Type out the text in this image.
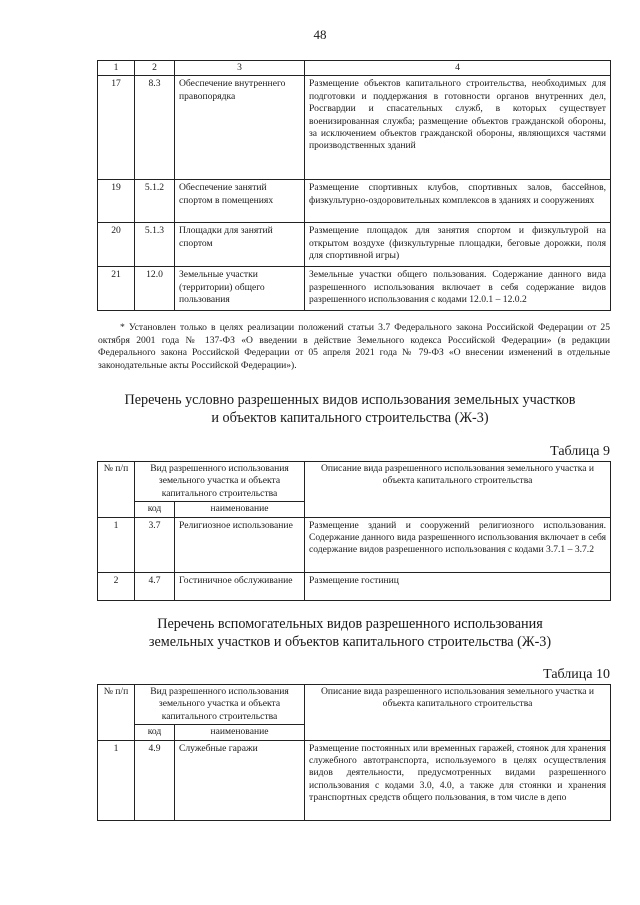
48
1	2	3	4
17	8.3	Обеспечение внутреннего правопорядка	Размещение объектов капитального строительства, необходимых для подготовки и поддержания в готовности органов внутренних дел, Росгвардии и спасательных служб, в которых существует военизированная служба; размещение объектов гражданской обороны, за исключением объектов гражданской обороны, являющихся частями производственных зданий
19	5.1.2	Обеспечение занятий спортом в помещениях	Размещение спортивных клубов, спортивных залов, бассейнов, физкультурно-оздоровительных комплексов в зданиях и сооружениях
20	5.1.3	Площадки для занятий спортом	Размещение площадок для занятия спортом и физкультурой на открытом воздухе (физкультурные площадки, беговые дорожки, поля для спортивной игры)
21	12.0	Земельные участки (территории) общего пользования	Земельные участки общего пользования. Содержание данного вида разрешенного использования включает в себя содержание видов разрешенного использования с кодами 12.0.1 – 12.0.2
* Установлен только в целях реализации положений статьи 3.7 Федерального закона Российской Федерации от 25 октября 2001 года № 137-ФЗ «О введении в действие Земельного кодекса Российской Федерации» (в редакции Федерального закона Российской Федерации от 05 апреля 2021 года № 79-ФЗ «О внесении изменений в отдельные законодательные акты Российской Федерации»).
Перечень условно разрешенных видов использования земельных участков
и объектов капитального строительства (Ж-3)
Таблица 9
№ п/п	Вид разрешенного использования земельного участка и объекта капитального строительства		Описание вида разрешенного использования земельного участка и объекта капитального строительства
	код	наименование	
1	3.7	Религиозное использование	Размещение зданий и сооружений религиозного использования. Содержание данного вида разрешенного использования включает в себя содержание видов разрешенного использования с кодами 3.7.1 – 3.7.2
2	4.7	Гостиничное обслуживание	Размещение гостиниц
Перечень вспомогательных видов разрешенного использования
земельных участков и объектов капитального строительства (Ж-3)
Таблица 10
№ п/п	Вид разрешенного использования земельного участка и объекта капитального строительства		Описание вида разрешенного использования земельного участка и объекта капитального строительства
	код	наименование	
1	4.9	Служебные гаражи	Размещение постоянных или временных гаражей, стоянок для хранения служебного автотранспорта, используемого в целях осуществления видов деятельности, предусмотренных видами разрешенного использования с кодами 3.0, 4.0, а также для стоянки и хранения транспортных средств общего пользования, в том числе в депо
